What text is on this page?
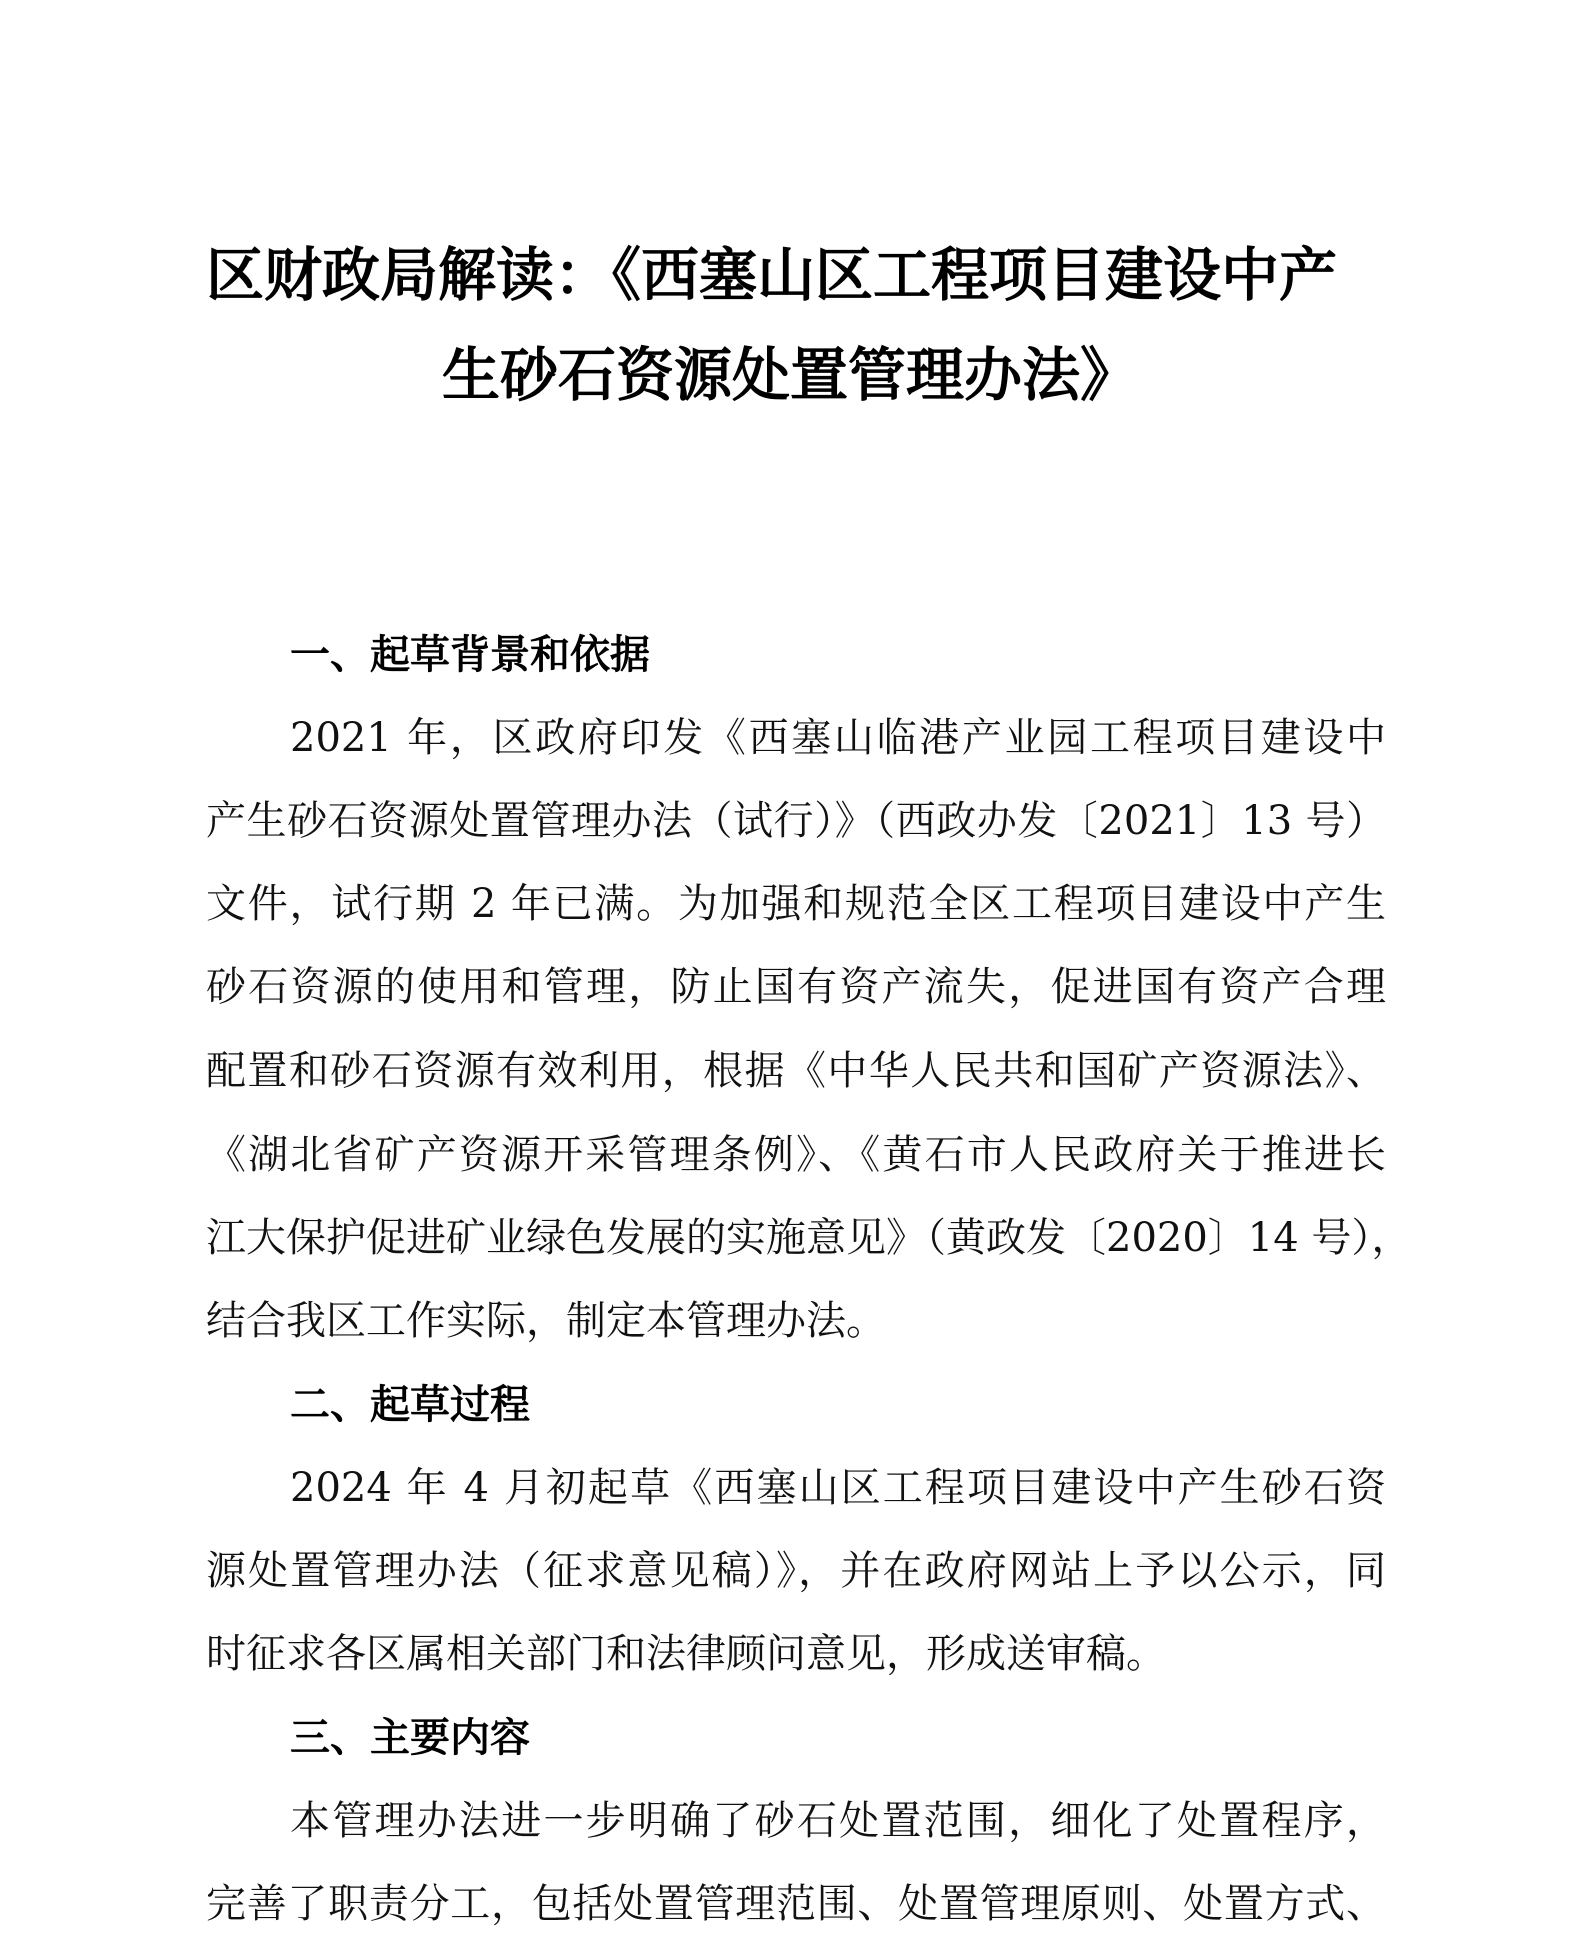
区财政局解读：《西塞山区工程项目建设中产
生砂石资源处置管理办法》
一、起草背景和依据
2021 年，区政府印发《西塞山临港产业园工程项目建设中
产生砂石资源处置管理办法（试行）》（西政办发〔2021〕13 号）
文件，试行期 2 年已满。为加强和规范全区工程项目建设中产生
砂石资源的使用和管理，防止国有资产流失，促进国有资产合理
配置和砂石资源有效利用，根据《中华人民共和国矿产资源法》、
《湖北省矿产资源开采管理条例》、《黄石市人民政府关于推进长
江大保护促进矿业绿色发展的实施意见》（黄政发〔2020〕14 号），
结合我区工作实际，制定本管理办法。
二、起草过程
2024 年 4 月初起草《西塞山区工程项目建设中产生砂石资
源处置管理办法（征求意见稿）》，并在政府网站上予以公示，同
时征求各区属相关部门和法律顾问意见，形成送审稿。
三、主要内容
本管理办法进一步明确了砂石处置范围，细化了处置程序，
完善了职责分工，包括处置管理范围、处置管理原则、处置方式、
